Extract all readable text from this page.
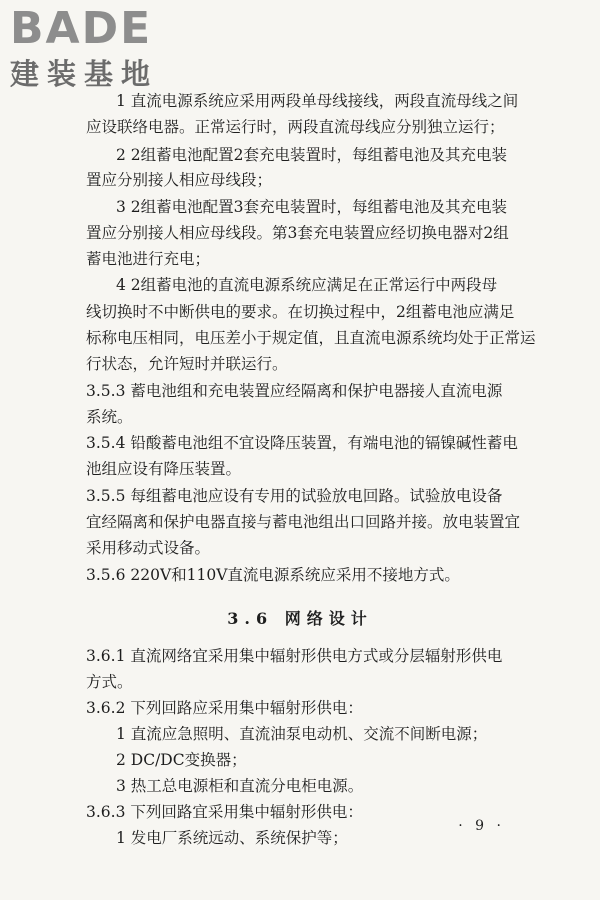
BADE
建装基地
1 直流电源系统应采用两段单母线接线，两段直流母线之间
应设联络电器。正常运行时，两段直流母线应分别独立运行；
2 2组蓄电池配置2套充电装置时，每组蓄电池及其充电装
置应分别接人相应母线段；
3 2组蓄电池配置3套充电装置时，每组蓄电池及其充电装
置应分别接人相应母线段。第3套充电装置应经切换电器对2组
蓄电池进行充电；
4 2组蓄电池的直流电源系统应满足在正常运行中两段母
线切换时不中断供电的要求。在切换过程中，2组蓄电池应满足
标称电压相同，电压差小于规定值，且直流电源系统均处于正常运
行状态，允许短时并联运行。
3.5.3 蓄电池组和充电装置应经隔离和保护电器接人直流电源
系统。
3.5.4 铅酸蓄电池组不宜设降压装置，有端电池的镉镍碱性蓄电
池组应设有降压装置。
3.5.5 每组蓄电池应设有专用的试验放电回路。试验放电设备
宜经隔离和保护电器直接与蓄电池组出口回路并接。放电装置宜
采用移动式设备。
3.5.6 220V和110V直流电源系统应采用不接地方式。
3.6 网络设计
3.6.1 直流网络宜采用集中辐射形供电方式或分层辐射形供电
方式。
3.6.2 下列回路应采用集中辐射形供电：
1 直流应急照明、直流油泵电动机、交流不间断电源；
2 DC/DC变换器；
3 热工总电源柜和直流分电柜电源。
3.6.3 下列回路宜采用集中辐射形供电：
1 发电厂系统远动、系统保护等；
· 9 ·
